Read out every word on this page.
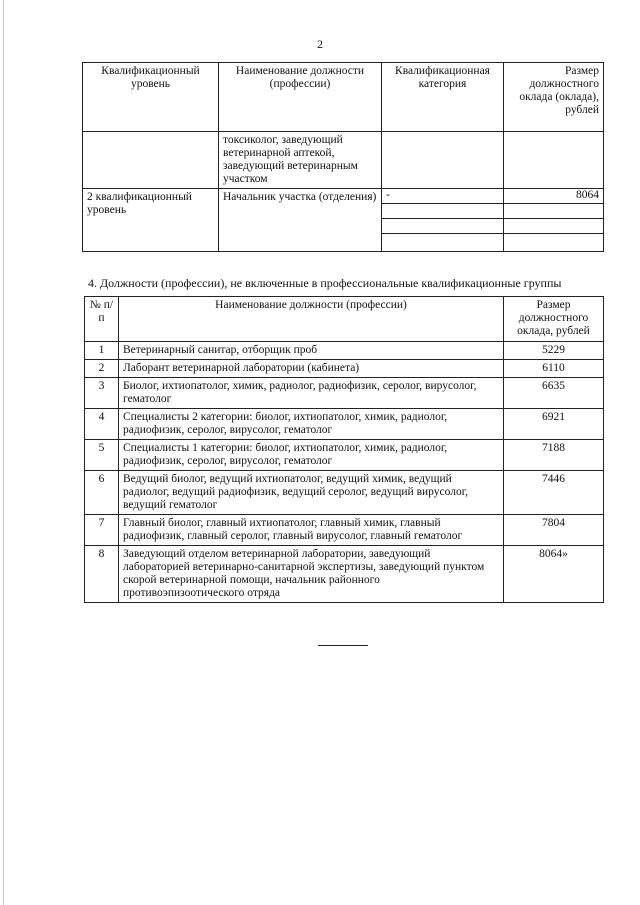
2
Квалификационный уровень	Наименование должности (профессии)	Квалификационная категория	Размер должностного оклада (оклада), рублей
	токсиколог, заведующий ветеринарной аптекой, заведующий ветеринарным участком		
2 квалификационный уровень	Начальник участка (отделения)	-	8064
4. Должности (профессии), не включенные в профессиональные квалификационные группы
№ п/п	Наименование должности (профессии)	Размер должностного оклада, рублей
1	Ветеринарный санитар, отборщик проб	5229
2	Лаборант ветеринарной лаборатории (кабинета)	6110
3	Биолог, ихтиопатолог, химик, радиолог, радиофизик, серолог, вирусолог, гематолог	6635
4	Специалисты 2 категории: биолог, ихтиопатолог, химик, радиолог, радиофизик, серолог, вирусолог, гематолог	6921
5	Специалисты 1 категории: биолог, ихтиопатолог, химик, радиолог, радиофизик, серолог, вирусолог, гематолог	7188
6	Ведущий биолог, ведущий ихтиопатолог, ведущий химик, ведущий радиолог, ведущий радиофизик, ведущий серолог, ведущий вирусолог, ведущий гематолог	7446
7	Главный биолог, главный ихтиопатолог, главный химик, главный радиофизик, главный серолог, главный вирусолог, главный гематолог	7804
8	Заведующий отделом ветеринарной лаборатории, заведующий лабораторией ветеринарно-санитарной экспертизы, заведующий пунктом скорой ветеринарной помощи, начальник районного противоэпизоотического отряда	8064»
